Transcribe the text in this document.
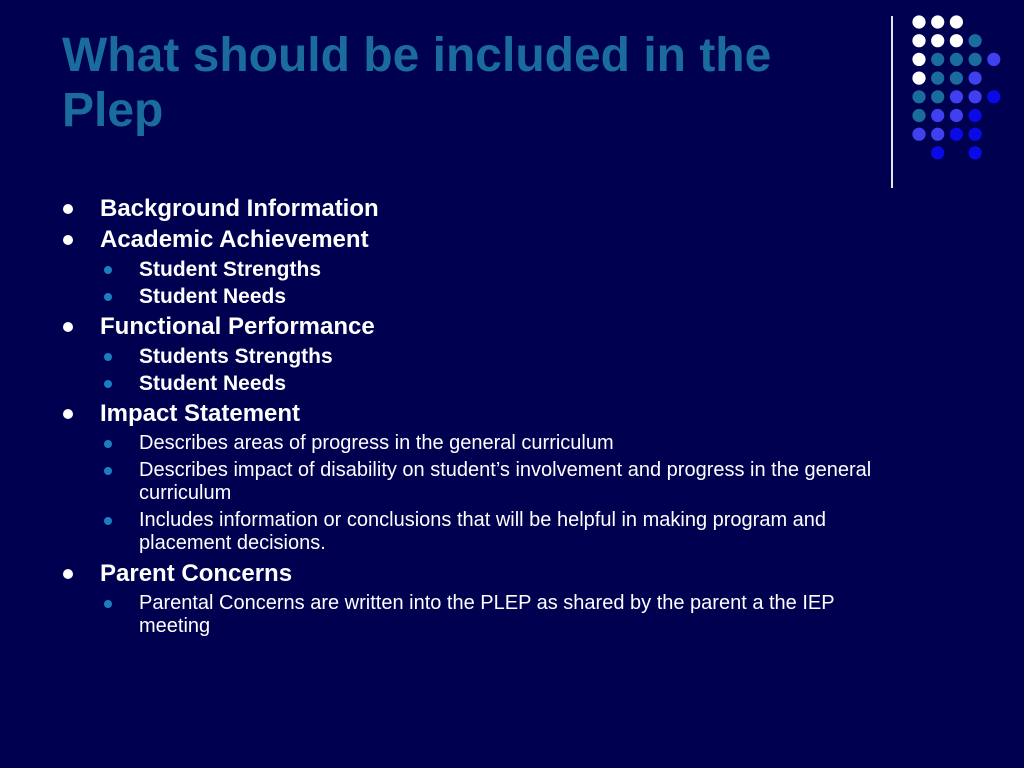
What should be included in the Plep
Background Information
Academic Achievement
Student Strengths
Student Needs
Functional Performance
Students Strengths
Student Needs
Impact Statement
Describes areas of progress in the general curriculum
Describes impact of disability on student’s involvement and progress in the general curriculum
Includes information or conclusions that will be helpful in making program and placement decisions.
Parent Concerns
Parental Concerns are written into the PLEP as shared by the parent a the IEP meeting
